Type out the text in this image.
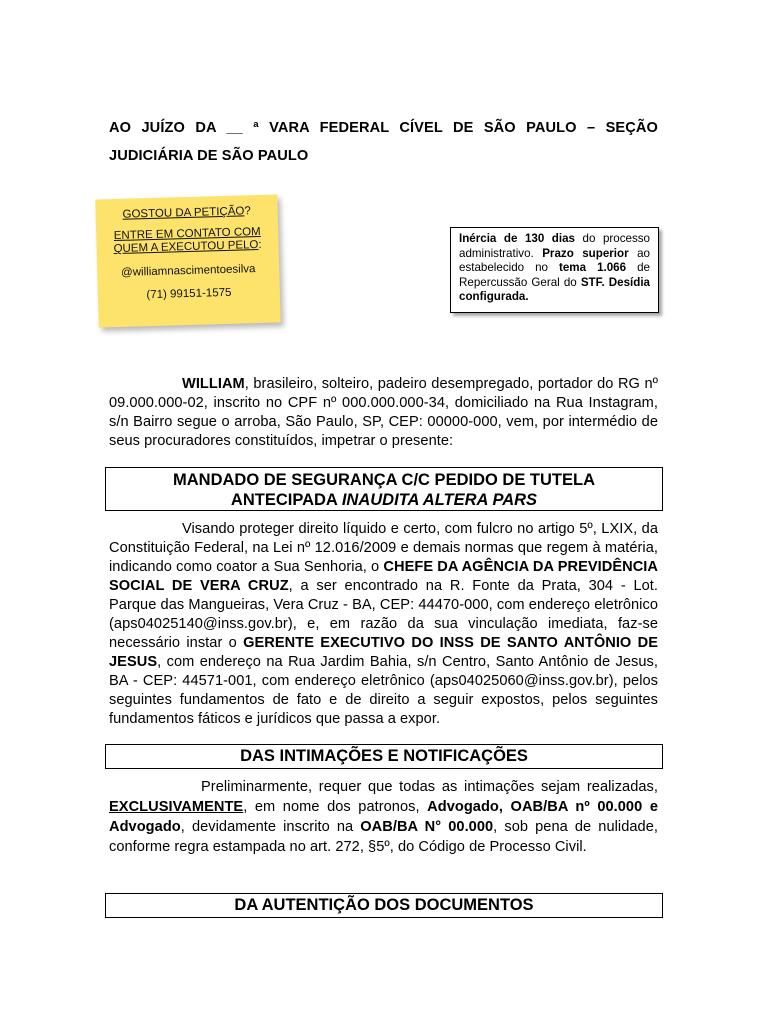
AO JUÍZO DA __ ª VARA FEDERAL CÍVEL DE SÃO PAULO – SEÇÃO JUDICIÁRIA DE SÃO PAULO
GOSTOU DA PETIÇÃO?
ENTRE EM CONTATO COM QUEM A EXECUTOU PELO:
@williamnascimentoesilva
(71) 99151-1575
Inércia de 130 dias do processo administrativo. Prazo superior ao estabelecido no tema 1.066 de Repercussão Geral do STF. Desídia configurada.
WILLIAM, brasileiro, solteiro, padeiro desempregado, portador do RG nº 09.000.000-02, inscrito no CPF nº 000.000.000-34, domiciliado na Rua Instagram, s/n Bairro segue o arroba, São Paulo, SP, CEP: 00000-000, vem, por intermédio de seus procuradores constituídos, impetrar o presente:
MANDADO DE SEGURANÇA C/C PEDIDO DE TUTELA
ANTECIPADA INAUDITA ALTERA PARS
Visando proteger direito líquido e certo, com fulcro no artigo 5º, LXIX, da Constituição Federal, na Lei nº 12.016/2009 e demais normas que regem à matéria, indicando como coator a Sua Senhoria, o CHEFE DA AGÊNCIA DA PREVIDÊNCIA SOCIAL DE VERA CRUZ, a ser encontrado na R. Fonte da Prata, 304 - Lot. Parque das Mangueiras, Vera Cruz - BA, CEP: 44470-000, com endereço eletrônico (aps04025140@inss.gov.br), e, em razão da sua vinculação imediata, faz-se necessário instar o GERENTE EXECUTIVO DO INSS DE SANTO ANTÔNIO DE JESUS, com endereço na Rua Jardim Bahia, s/n Centro, Santo Antônio de Jesus, BA - CEP: 44571-001, com endereço eletrônico (aps04025060@inss.gov.br), pelos seguintes fundamentos de fato e de direito a seguir expostos, pelos seguintes fundamentos fáticos e jurídicos que passa a expor.
DAS INTIMAÇÕES E NOTIFICAÇÕES
Preliminarmente, requer que todas as intimações sejam realizadas, EXCLUSIVAMENTE, em nome dos patronos, Advogado, OAB/BA nº 00.000 e Advogado, devidamente inscrito na OAB/BA N° 00.000, sob pena de nulidade, conforme regra estampada no art. 272, §5º, do Código de Processo Civil.
DA AUTENTIÇÃO DOS DOCUMENTOS
